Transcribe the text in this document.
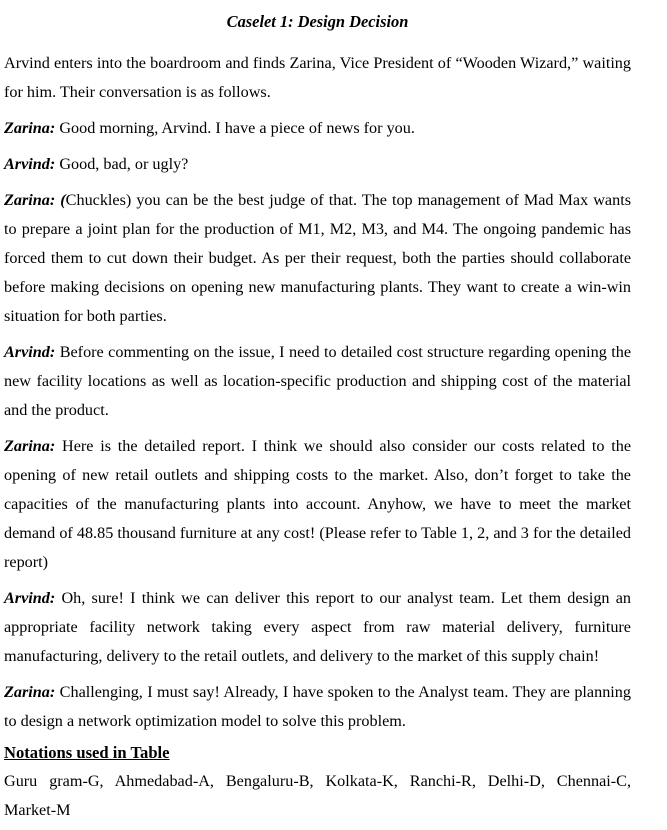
Caselet 1: Design Decision

Arvind enters into the boardroom and finds Zarina, Vice President of “Wooden Wizard,” waiting for him. Their conversation is as follows.

Zarina: Good morning, Arvind. I have a piece of news for you.

Arvind: Good, bad, or ugly?

Zarina: (Chuckles) you can be the best judge of that. The top management of Mad Max wants to prepare a joint plan for the production of M1, M2, M3, and M4. The ongoing pandemic has forced them to cut down their budget. As per their request, both the parties should collaborate before making decisions on opening new manufacturing plants. They want to create a win-win situation for both parties.

Arvind: Before commenting on the issue, I need to detailed cost structure regarding opening the new facility locations as well as location-specific production and shipping cost of the material and the product.

Zarina: Here is the detailed report. I think we should also consider our costs related to the opening of new retail outlets and shipping costs to the market. Also, don’t forget to take the capacities of the manufacturing plants into account. Anyhow, we have to meet the market demand of 48.85 thousand furniture at any cost! (Please refer to Table 1, 2, and 3 for the detailed report)

Arvind: Oh, sure! I think we can deliver this report to our analyst team. Let them design an appropriate facility network taking every aspect from raw material delivery, furniture manufacturing, delivery to the retail outlets, and delivery to the market of this supply chain!

Zarina: Challenging, I must say! Already, I have spoken to the Analyst team. They are planning to design a network optimization model to solve this problem.

Notations used in Table

Guru gram-G, Ahmedabad-A, Bengaluru-B, Kolkata-K, Ranchi-R, Delhi-D, Chennai-C, Market-M
